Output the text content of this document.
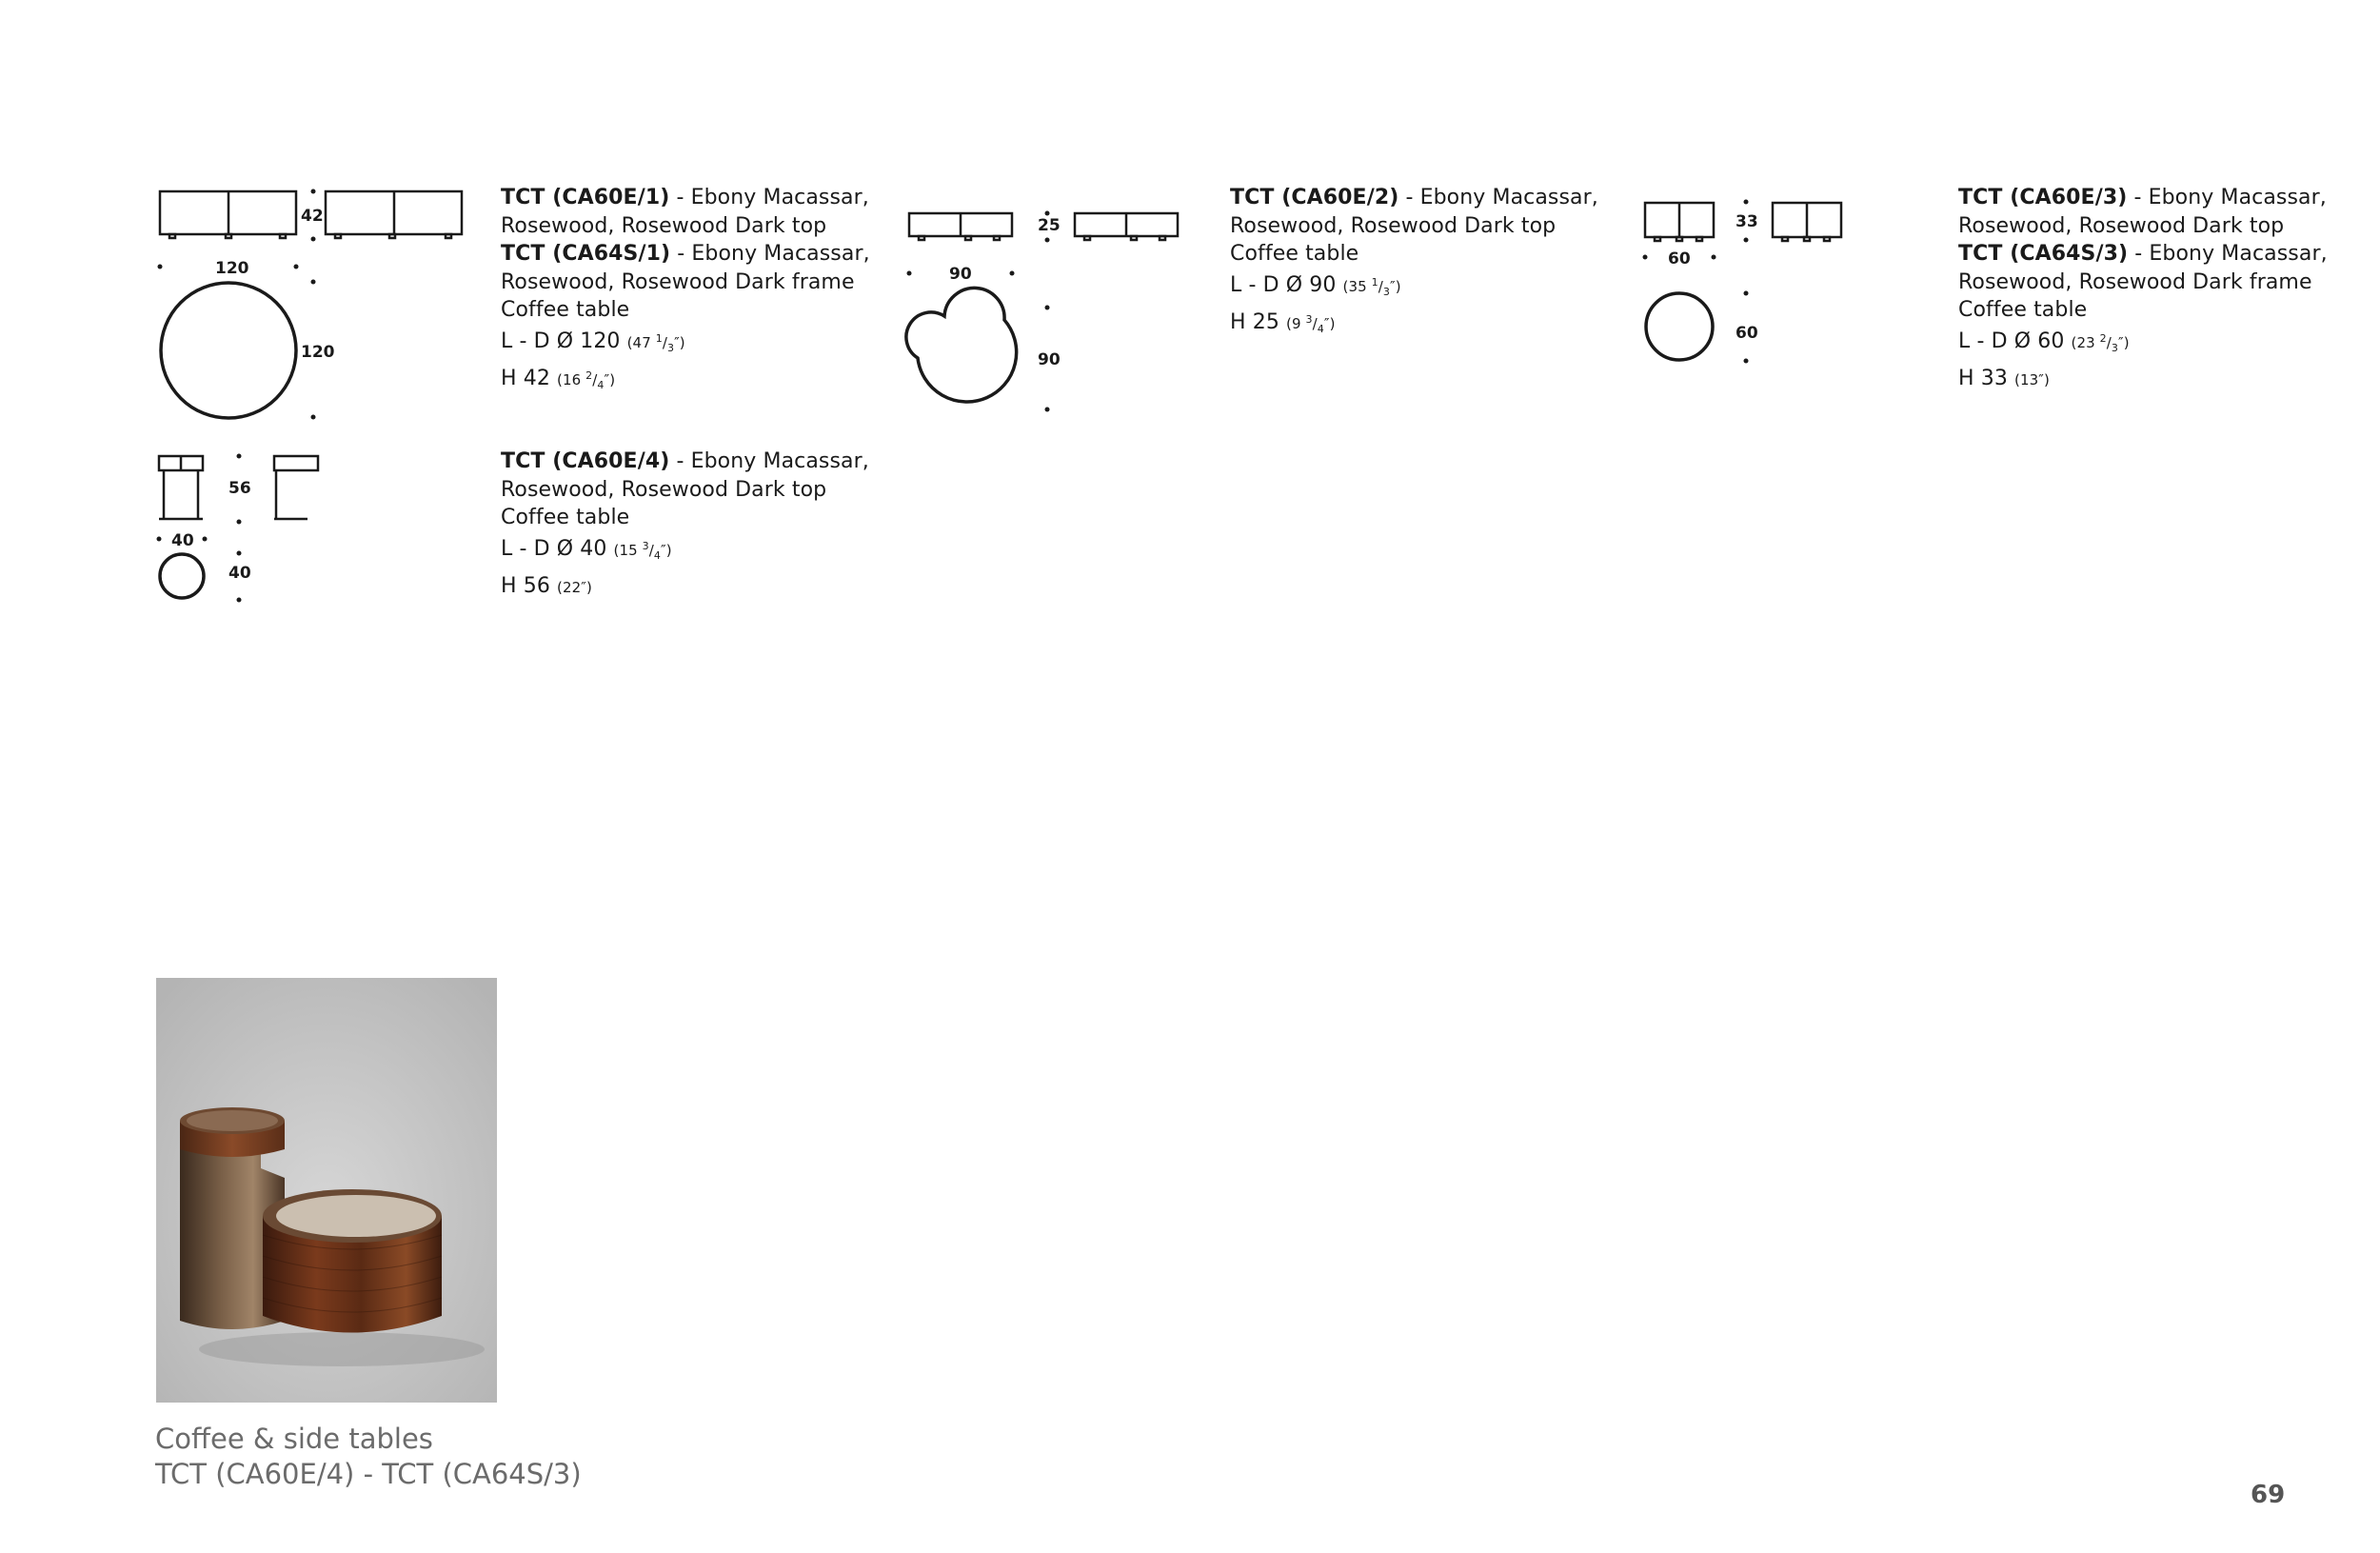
42
120
120
25
90
90
33
60
60
56
40
40
TCT (CA60E/1) - Ebony Macassar,
Rosewood, Rosewood Dark top
TCT (CA64S/1) - Ebony Macassar,
Rosewood, Rosewood Dark frame
Coffee table
L - D Ø 120 (47 $^1/_3''$)
H 42 (16 $^2/_4''$)
TCT (CA60E/2) - Ebony Macassar,
Rosewood, Rosewood Dark top
Coffee table
L - D Ø 90 (35 $^1/_3''$)
H 25 (9 $^3/_4''$)
TCT (CA60E/3) - Ebony Macassar,
Rosewood, Rosewood Dark top
TCT (CA64S/3) - Ebony Macassar,
Rosewood, Rosewood Dark frame
Coffee table
L - D Ø 60 (23 $^2/_3''$)
H 33 (13″)
TCT (CA60E/4) - Ebony Macassar,
Rosewood, Rosewood Dark top
Coffee table
L - D Ø 40 (15 $^3/_4''$)
H 56 (22″)
Coffee & side tables
TCT (CA60E/4) - TCT (CA64S/3)
69
